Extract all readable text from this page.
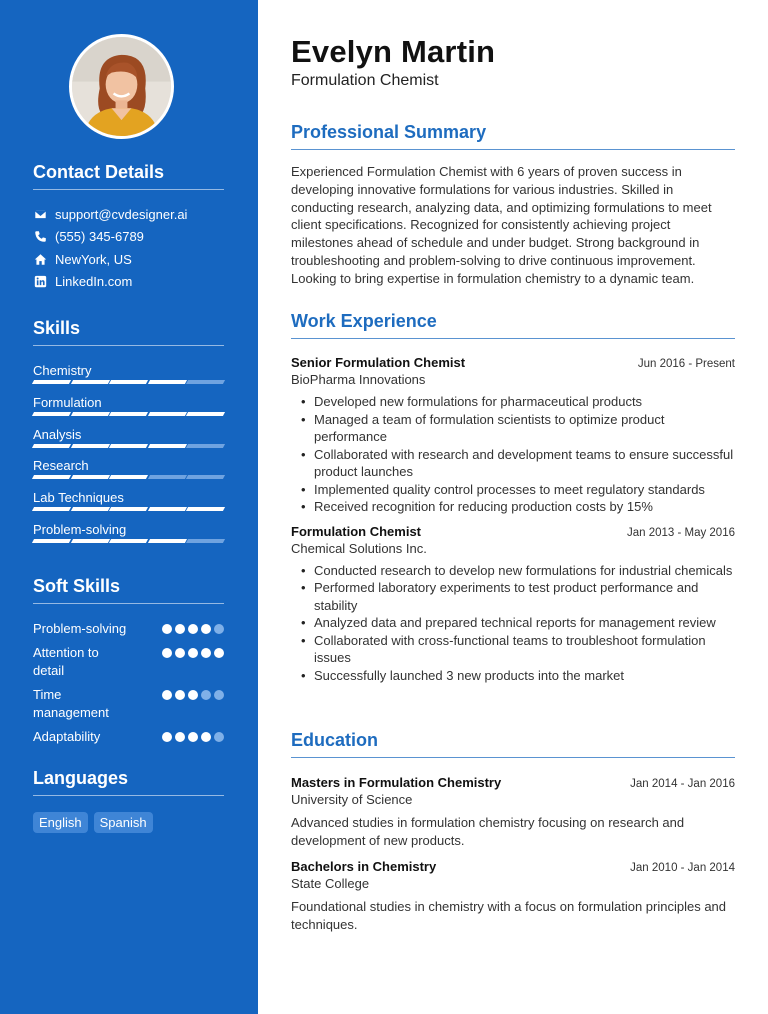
Contact Details
support@cvdesigner.ai
(555) 345-6789
NewYork, US
LinkedIn.com
Skills
Chemistry
Formulation
Analysis
Research
Lab Techniques
Problem-solving
Soft Skills
Problem-solving
Attention to detail
Time management
Adaptability
Languages
English	Spanish
Evelyn Martin
Formulation Chemist
Professional Summary

Experienced Formulation Chemist with 6 years of proven success in developing innovative formulations for various industries. Skilled in conducting research, analyzing data, and optimizing formulations to meet client specifications. Recognized for consistently achieving project milestones ahead of schedule and under budget. Strong background in troubleshooting and problem-solving to drive continuous improvement. Looking to bring expertise in formulation chemistry to a dynamic team.

Work Experience
Senior Formulation Chemist	Jun 2016 - Present
BioPharma Innovations
• Developed new formulations for pharmaceutical products
• Managed a team of formulation scientists to optimize product performance
• Collaborated with research and development teams to ensure successful product launches
• Implemented quality control processes to meet regulatory standards
• Received recognition for reducing production costs by 15%
Formulation Chemist	Jan 2013 - May 2016
Chemical Solutions Inc.
• Conducted research to develop new formulations for industrial chemicals
• Performed laboratory experiments to test product performance and stability
• Analyzed data and prepared technical reports for management review
• Collaborated with cross-functional teams to troubleshoot formulation issues
• Successfully launched 3 new products into the market
Education
Masters in Formulation Chemistry	Jan 2014 - Jan 2016
University of Science

Advanced studies in formulation chemistry focusing on research and development of new products.

Bachelors in Chemistry	Jan 2010 - Jan 2014
State College

Foundational studies in chemistry with a focus on formulation principles and techniques.
